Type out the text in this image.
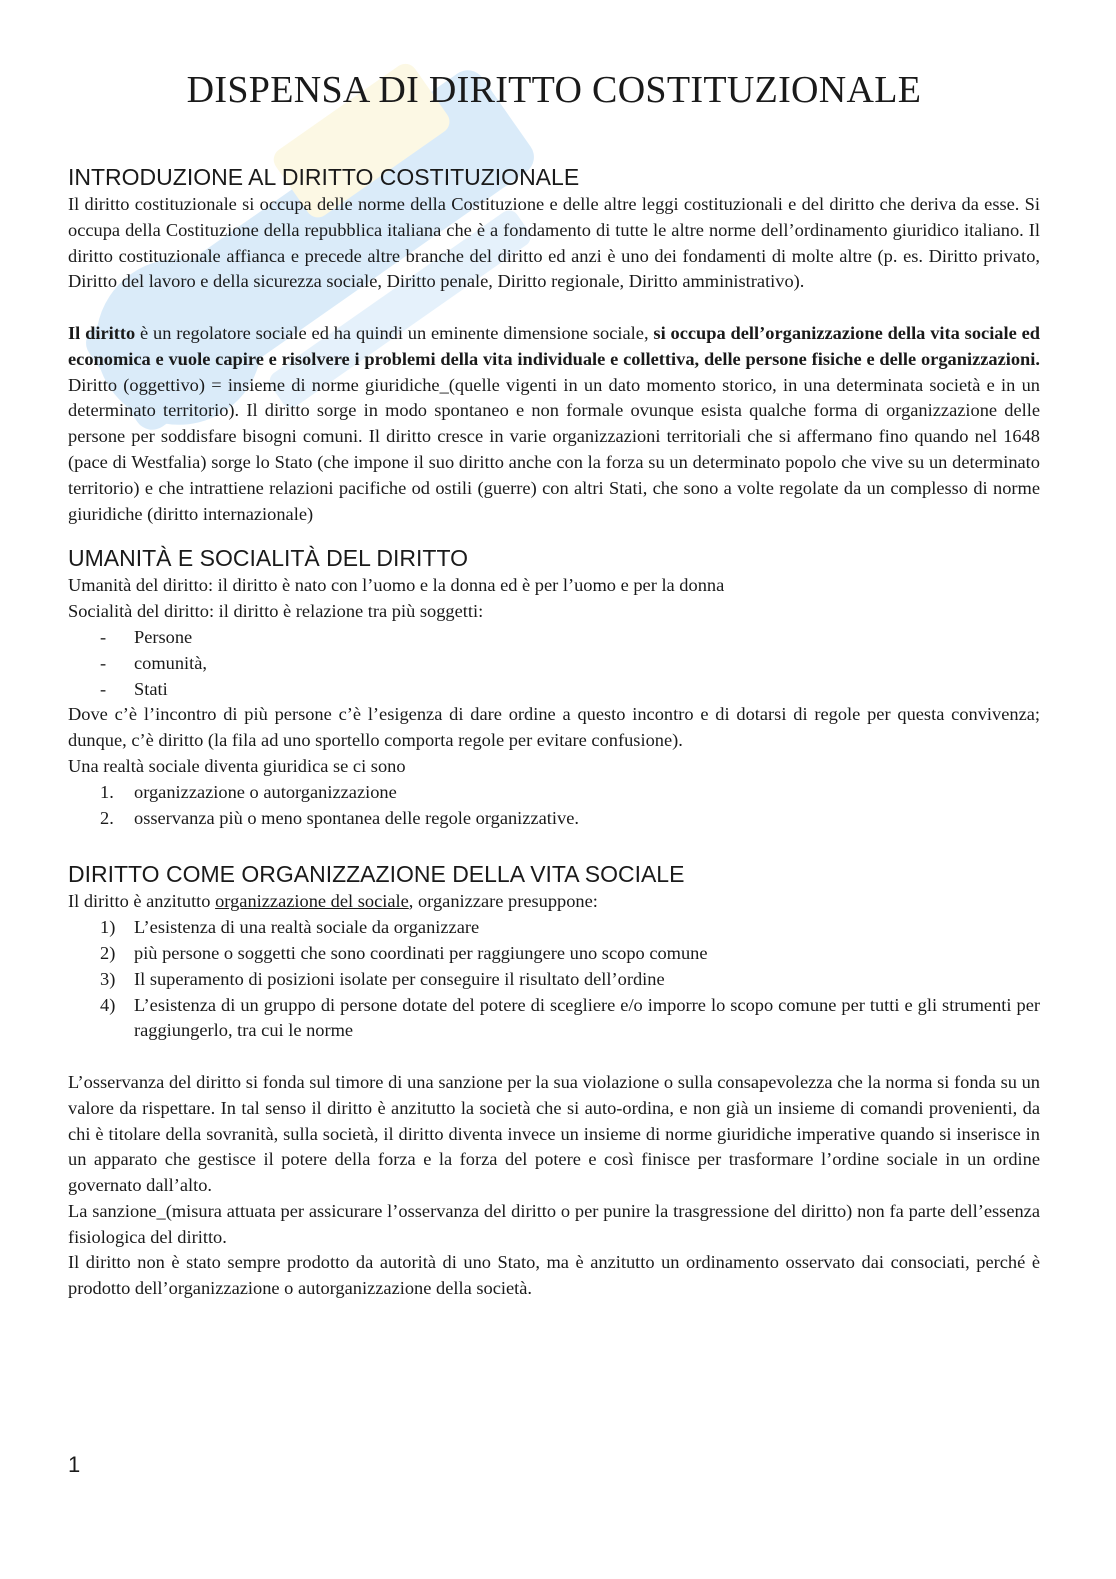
DISPENSA DI DIRITTO COSTITUZIONALE
INTRODUZIONE AL DIRITTO COSTITUZIONALE

Il diritto costituzionale si occupa delle norme della Costituzione e delle altre leggi costituzionali e del diritto che deriva da esse. Si occupa della Costituzione della repubblica italiana che è a fondamento di tutte le altre norme dell’ordinamento giuridico italiano. Il diritto costituzionale affianca e precede altre branche del diritto ed anzi è uno dei fondamenti di molte altre (p. es. Diritto privato, Diritto del lavoro e della sicurezza sociale, Diritto penale, Diritto regionale, Diritto amministrativo).

Il diritto è un regolatore sociale ed ha quindi un eminente dimensione sociale, si occupa dell’organizzazione della vita sociale ed economica e vuole capire e risolvere i problemi della vita individuale e collettiva, delle persone fisiche e delle organizzazioni. Diritto (oggettivo) = insieme di norme giuridiche_(quelle vigenti in un dato momento storico, in una determinata società e in un determinato territorio). Il diritto sorge in modo spontaneo e non formale ovunque esista qualche forma di organizzazione delle persone per soddisfare bisogni comuni. Il diritto cresce in varie organizzazioni territoriali che si affermano fino quando nel 1648 (pace di Westfalia) sorge lo Stato (che impone il suo diritto anche con la forza su un determinato popolo che vive su un determinato territorio) e che intrattiene relazioni pacifiche od ostili (guerre) con altri Stati, che sono a volte regolate da un complesso di norme giuridiche (diritto internazionale)

UMANITÀ E SOCIALITÀ DEL DIRITTO

Umanità del diritto: il diritto è nato con l’uomo e la donna ed è per l’uomo e per la donna

Socialità del diritto: il diritto è relazione tra più soggetti:

- Persone
- comunità,
- Stati

Dove c’è l’incontro di più persone c’è l’esigenza di dare ordine a questo incontro e di dotarsi di regole per questa convivenza; dunque, c’è diritto (la fila ad uno sportello comporta regole per evitare confusione).

Una realtà sociale diventa giuridica se ci sono

1. organizzazione o autorganizzazione
2. osservanza più o meno spontanea delle regole organizzative.
DIRITTO COME ORGANIZZAZIONE DELLA VITA SOCIALE

Il diritto è anzitutto organizzazione del sociale, organizzare presuppone:

1) L’esistenza di una realtà sociale da organizzare
2) più persone o soggetti che sono coordinati per raggiungere uno scopo comune
3) Il superamento di posizioni isolate per conseguire il risultato dell’ordine
4) L’esistenza di un gruppo di persone dotate del potere di scegliere e/o imporre lo scopo comune per tutti e gli strumenti per raggiungerlo, tra cui le norme

L’osservanza del diritto si fonda sul timore di una sanzione per la sua violazione o sulla consapevolezza che la norma si fonda su un valore da rispettare. In tal senso il diritto è anzitutto la società che si auto-ordina, e non già un insieme di comandi provenienti, da chi è titolare della sovranità, sulla società, il diritto diventa invece un insieme di norme giuridiche imperative quando si inserisce in un apparato che gestisce il potere della forza e la forza del potere e così finisce per trasformare l’ordine sociale in un ordine governato dall’alto.

La sanzione_(misura attuata per assicurare l’osservanza del diritto o per punire la trasgressione del diritto) non fa parte dell’essenza fisiologica del diritto.

Il diritto non è stato sempre prodotto da autorità di uno Stato, ma è anzitutto un ordinamento osservato dai consociati, perché è prodotto dell’organizzazione o autorganizzazione della società.

1
